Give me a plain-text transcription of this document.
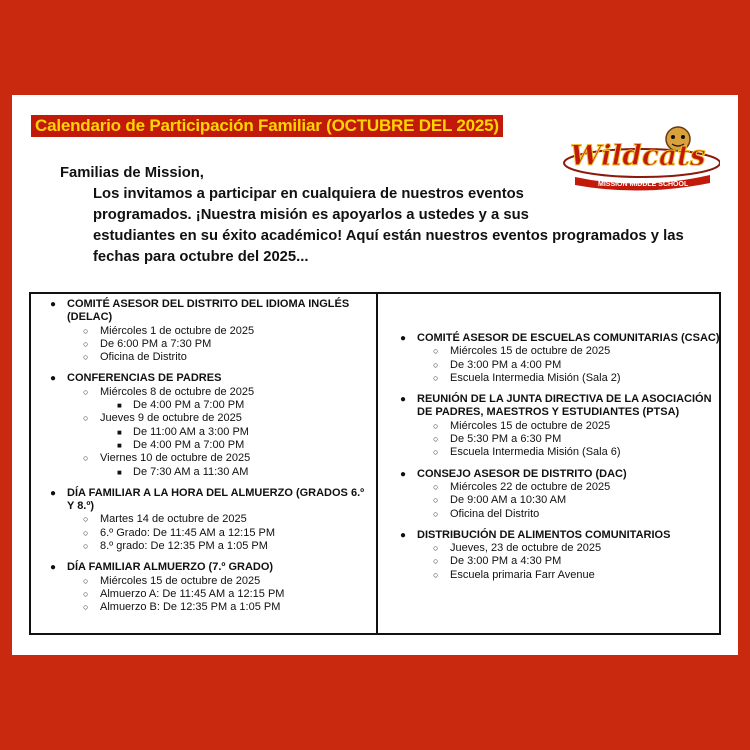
Calendario de Participación Familiar (OCTUBRE DEL 2025)
Wildcats
MISSION MIDDLE SCHOOL
Familias de Mission,

Los invitamos a participar en cualquiera de nuestros eventos
programados. ¡Nuestra misión es apoyarlos a ustedes y a sus
estudiantes en su éxito académico! Aquí están nuestros eventos programados y las
fechas para octubre del 2025...
● COMITÉ ASESOR DEL DISTRITO DEL IDIOMA INGLÉS (DELAC)
○ Miércoles 1 de octubre de 2025
○ De 6:00 PM a 7:30 PM
○ Oficina de Distrito
● CONFERENCIAS DE PADRES
○ Miércoles 8 de octubre de 2025
■ De 4:00 PM a 7:00 PM
○ Jueves 9 de octubre de 2025
■ De 11:00 AM a 3:00 PM
■ De 4:00 PM a 7:00 PM
○ Viernes 10 de octubre de 2025
■ De 7:30 AM a 11:30 AM
● DÍA FAMILIAR A LA HORA DEL ALMUERZO (GRADOS 6.º Y 8.º)
○ Martes 14 de octubre de 2025
○ 6.º Grado: De 11:45 AM a 12:15 PM
○ 8.º grado: De 12:35 PM a 1:05 PM
● DÍA FAMILIAR ALMUERZO (7.º GRADO)
○ Miércoles 15 de octubre de 2025
○ Almuerzo A: De 11:45 AM a 12:15 PM
○ Almuerzo B: De 12:35 PM a 1:05 PM
● COMITÉ ASESOR DE ESCUELAS COMUNITARIAS (CSAC)
○ Miércoles 15 de octubre de 2025
○ De 3:00 PM a 4:00 PM
○ Escuela Intermedia Misión (Sala 2)
● REUNIÓN DE LA JUNTA DIRECTIVA DE LA ASOCIACIÓN DE PADRES, MAESTROS Y ESTUDIANTES (PTSA)
○ Miércoles 15 de octubre de 2025
○ De 5:30 PM a 6:30 PM
○ Escuela Intermedia Misión (Sala 6)
● CONSEJO ASESOR DE DISTRITO (DAC)
○ Miércoles 22 de octubre de 2025
○ De 9:00 AM a 10:30 AM
○ Oficina del Distrito
● DISTRIBUCIÓN DE ALIMENTOS COMUNITARIOS
○ Jueves, 23 de octubre de 2025
○ De 3:00 PM a 4:30 PM
○ Escuela primaria Farr Avenue
